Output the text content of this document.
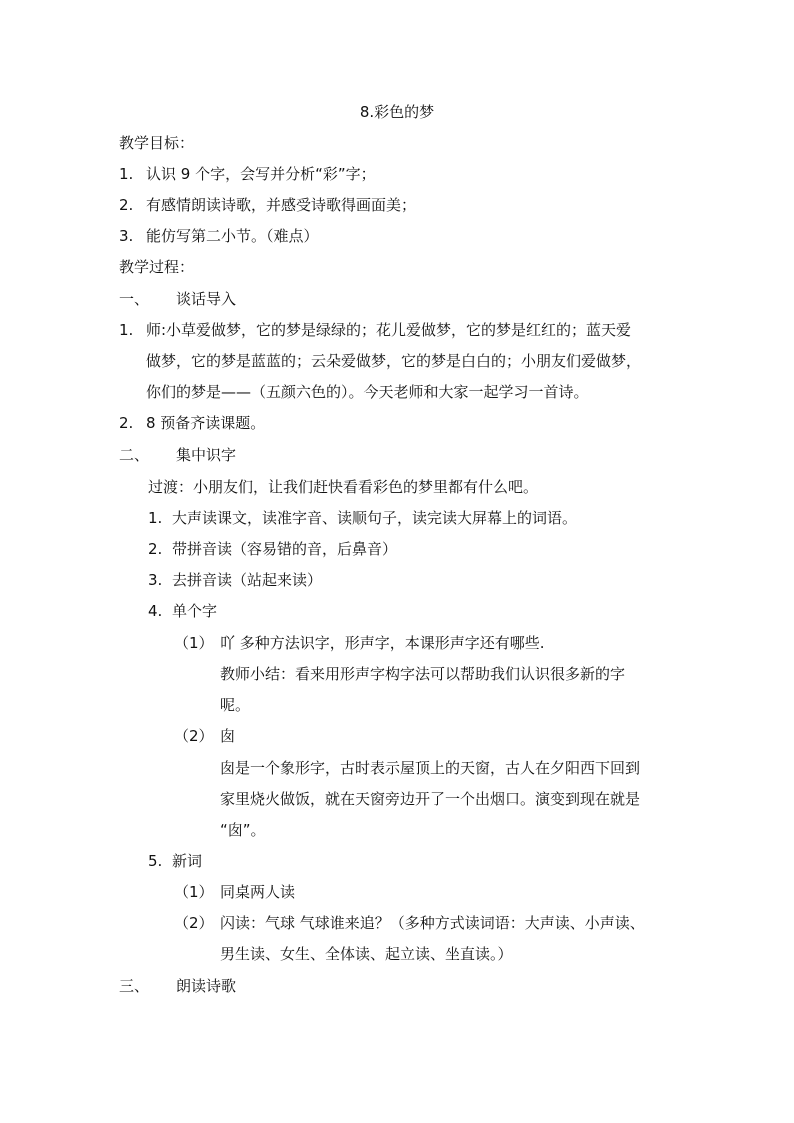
8.彩色的梦
教学目标：
1. 认识 9 个字，会写并分析“彩”字；
2. 有感情朗读诗歌，并感受诗歌得画面美；
3. 能仿写第二小节。（难点）
教学过程：
一、 谈话导入
1. 师:小草爱做梦，它的梦是绿绿的；花儿爱做梦，它的梦是红红的；蓝天爱
做梦，它的梦是蓝蓝的；云朵爱做梦，它的梦是白白的；小朋友们爱做梦，
你们的梦是——（五颜六色的）。今天老师和大家一起学习一首诗。
2. 8 预备齐读课题。
二、 集中识字
过渡：小朋友们，让我们赶快看看彩色的梦里都有什么吧。
1. 大声读课文，读准字音、读顺句子，读完读大屏幕上的词语。
2. 带拼音读（容易错的音，后鼻音）
3. 去拼音读（站起来读）
4. 单个字
（1） 吖 多种方法识字，形声字，本课形声字还有哪些.
教师小结：看来用形声字构字法可以帮助我们认识很多新的字
呢。
（2） 囱
囱是一个象形字，古时表示屋顶上的天窗，古人在夕阳西下回到
家里烧火做饭，就在天窗旁边开了一个出烟口。演变到现在就是
“囱”。
5. 新词
（1） 同桌两人读
（2） 闪读：气球 气球谁来追？（多种方式读词语：大声读、小声读、
男生读、女生、全体读、起立读、坐直读。）
三、 朗读诗歌
